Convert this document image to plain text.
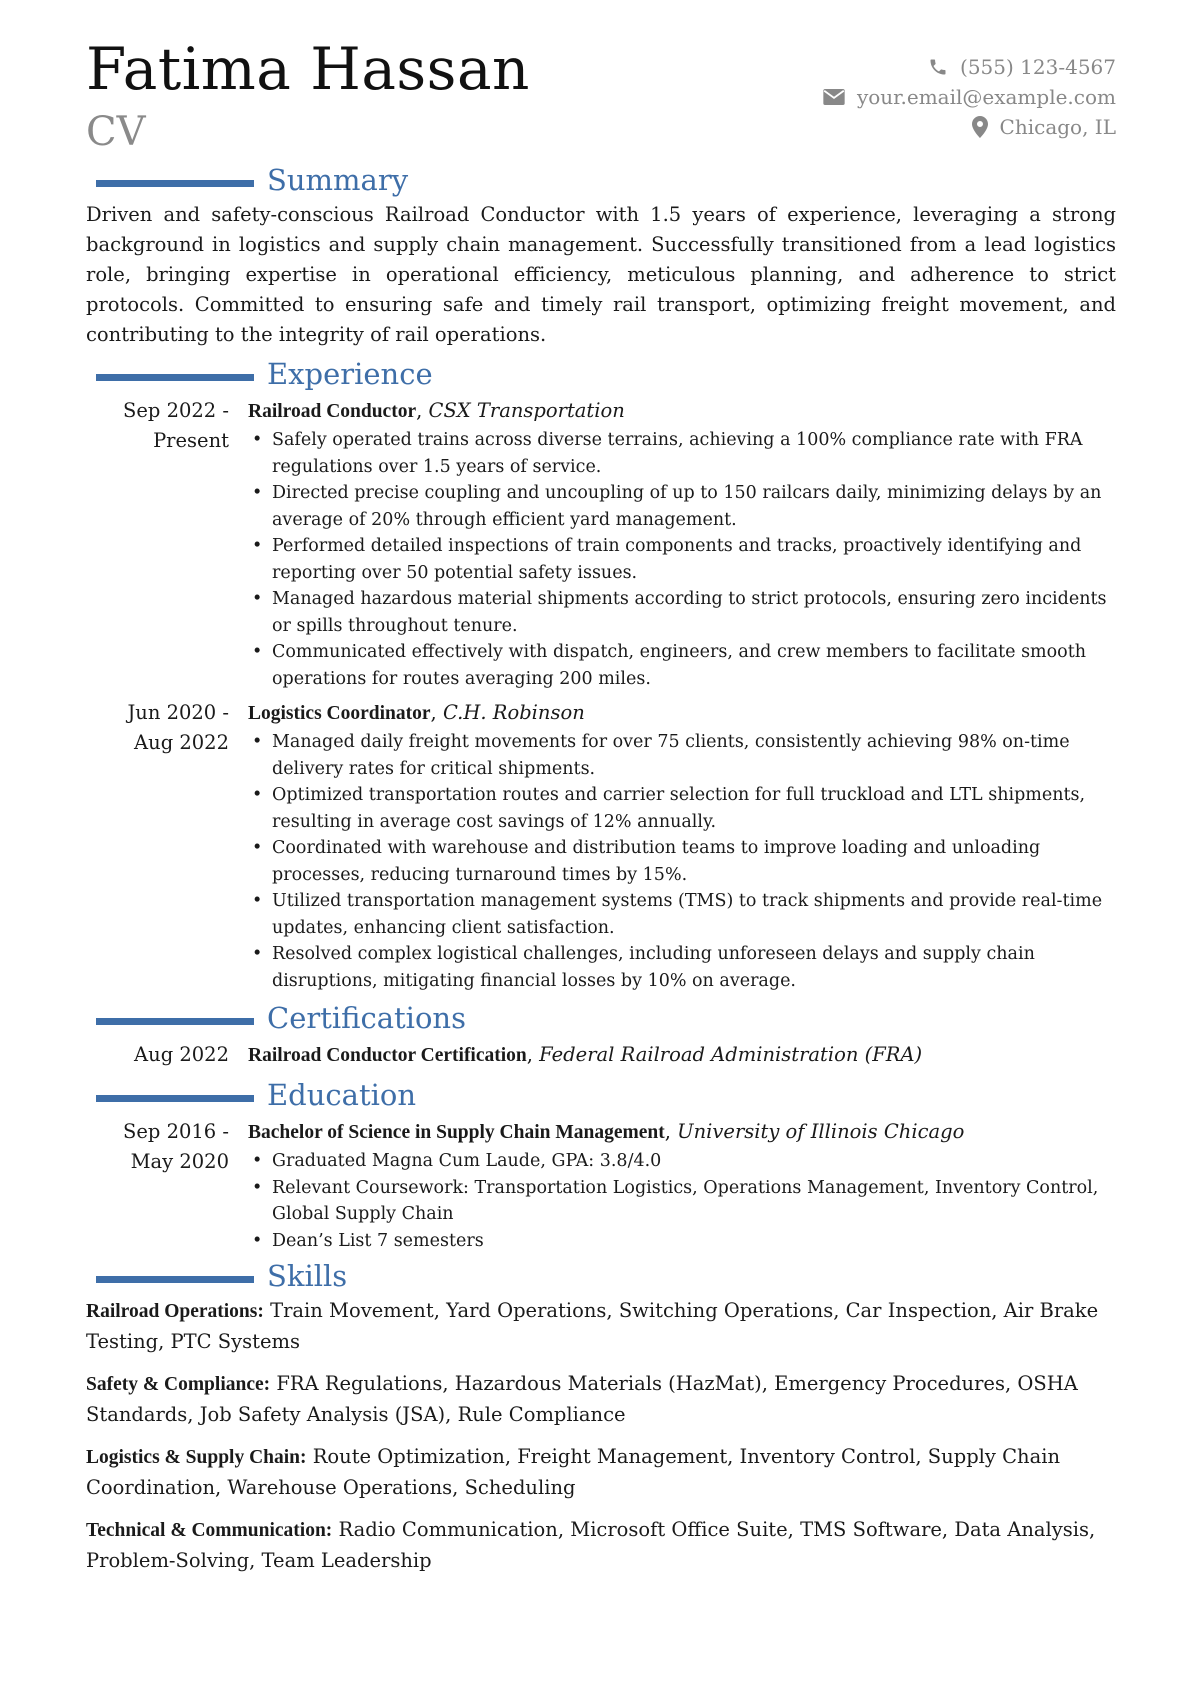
Fatima Hassan
CV
(555) 123-4567
your.email@example.com
Chicago, IL
Summary

Driven and safety-conscious Railroad Conductor with 1.5 years of experience, leveraging a strong background in logistics and supply chain management. Successfully transitioned from a lead logistics role, bringing expertise in operational efficiency, meticulous planning, and adherence to strict protocols. Committed to ensuring safe and timely rail transport, optimizing freight movement, and contributing to the integrity of rail operations.

Experience
Sep 2022 - Present
Railroad Conductor, CSX Transportation
• Safely operated trains across diverse terrains, achieving a 100% compliance rate with FRA regulations over 1.5 years of service.
• Directed precise coupling and uncoupling of up to 150 railcars daily, minimizing delays by an average of 20% through efficient yard management.
• Performed detailed inspections of train components and tracks, proactively identifying and reporting over 50 potential safety issues.
• Managed hazardous material shipments according to strict protocols, ensuring zero incidents or spills throughout tenure.
• Communicated effectively with dispatch, engineers, and crew members to facilitate smooth operations for routes averaging 200 miles.
Jun 2020 - Aug 2022
Logistics Coordinator, C.H. Robinson
• Managed daily freight movements for over 75 clients, consistently achieving 98% on-time delivery rates for critical shipments.
• Optimized transportation routes and carrier selection for full truckload and LTL shipments, resulting in average cost savings of 12% annually.
• Coordinated with warehouse and distribution teams to improve loading and unloading processes, reducing turnaround times by 15%.
• Utilized transportation management systems (TMS) to track shipments and provide real-time updates, enhancing client satisfaction.
• Resolved complex logistical challenges, including unforeseen delays and supply chain disruptions, mitigating financial losses by 10% on average.
Certifications
Aug 2022 Railroad Conductor Certification, Federal Railroad Administration (FRA)
Education
Sep 2016 - May 2020
Bachelor of Science in Supply Chain Management, University of Illinois Chicago
• Graduated Magna Cum Laude, GPA: 3.8/4.0
• Relevant Coursework: Transportation Logistics, Operations Management, Inventory Control, Global Supply Chain
• Dean’s List 7 semesters
Skills

Railroad Operations: Train Movement, Yard Operations, Switching Operations, Car Inspection, Air Brake Testing, PTC Systems

Safety & Compliance: FRA Regulations, Hazardous Materials (HazMat), Emergency Procedures, OSHA Standards, Job Safety Analysis (JSA), Rule Compliance

Logistics & Supply Chain: Route Optimization, Freight Management, Inventory Control, Supply Chain Coordination, Warehouse Operations, Scheduling

Technical & Communication: Radio Communication, Microsoft Office Suite, TMS Software, Data Analysis, Problem-Solving, Team Leadership
